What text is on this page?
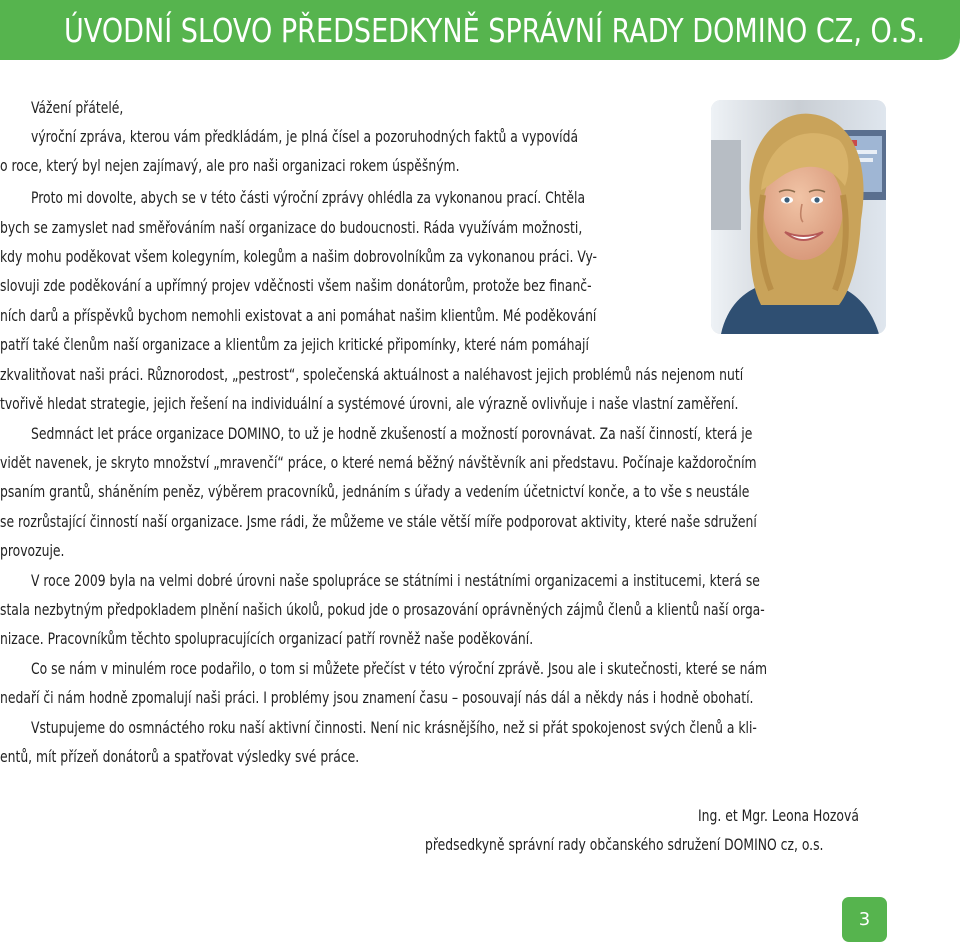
ÚVODNÍ SLOVO PŘEDSEDKYNĚ SPRÁVNÍ RADY DOMINO CZ, O.S.

Vážení přátelé,

výroční zpráva, kterou vám předkládám, je plná čísel a pozoruhodných faktů a vypovídá

o roce, který byl nejen zajímavý, ale pro naši organizaci rokem úspěšným.

Proto mi dovolte, abych se v této části výroční zprávy ohlédla za vykonanou prací. Chtěla

bych se zamyslet nad směřováním naší organizace do budoucnosti. Ráda využívám možnosti,

kdy mohu poděkovat všem kolegyním, kolegům a našim dobrovolníkům za vykonanou práci. Vy-

slovuji zde poděkování a upřímný projev vděčnosti všem našim donátorům, protože bez finanč-

ních darů a příspěvků bychom nemohli existovat a ani pomáhat našim klientům. Mé poděkování

patří také členům naší organizace a klientům za jejich kritické připomínky, které nám pomáhají

zkvalitňovat naši práci. Různorodost, „pestrost“, společenská aktuálnost a naléhavost jejich problémů nás nejenom nutí

tvořivě hledat strategie, jejich řešení na individuální a systémové úrovni, ale výrazně ovlivňuje i naše vlastní zaměření.

Sedmnáct let práce organizace DOMINO, to už je hodně zkušeností a možností porovnávat. Za naší činností, která je

vidět navenek, je skryto množství „mravenčí“ práce, o které nemá běžný návštěvník ani představu. Počínaje každoročním

psaním grantů, sháněním peněz, výběrem pracovníků, jednáním s úřady a vedením účetnictví konče, a to vše s neustále

se rozrůstající činností naší organizace. Jsme rádi, že můžeme ve stále větší míře podporovat aktivity, které naše sdružení

provozuje.

V roce 2009 byla na velmi dobré úrovni naše spolupráce se státními i nestátními organizacemi a institucemi, která se

stala nezbytným předpokladem plnění našich úkolů, pokud jde o prosazování oprávněných zájmů členů a klientů naší orga-

nizace. Pracovníkům těchto spolupracujících organizací patří rovněž naše poděkování.

Co se nám v minulém roce podařilo, o tom si můžete přečíst v této výroční zprávě. Jsou ale i skutečnosti, které se nám

nedaří či nám hodně zpomalují naši práci. I problémy jsou znamení času – posouvají nás dál a někdy nás i hodně obohatí.

Vstupujeme do osmnáctého roku naší aktivní činnosti. Není nic krásnějšího, než si přát spokojenost svých členů a kli-

entů, mít přízeň donátorů a spatřovat výsledky své práce.

Ing. et Mgr. Leona Hozová

předsedkyně správní rady občanského sdružení DOMINO cz, o.s.

3
